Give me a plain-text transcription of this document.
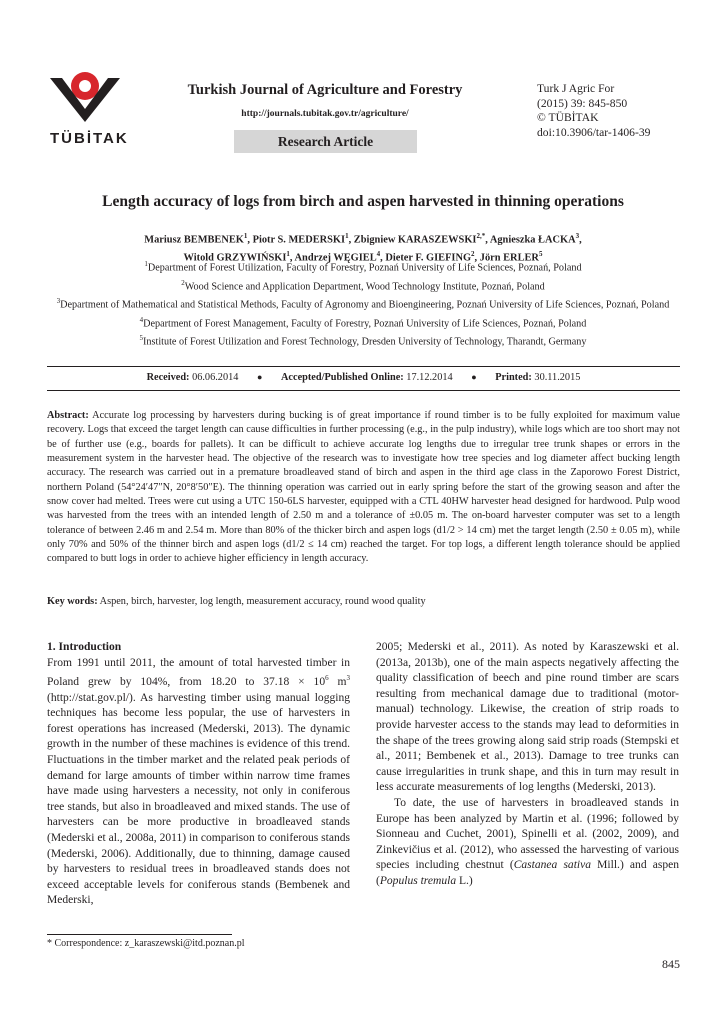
TÜBİTAK
Turkish Journal of Agriculture and Forestry
http://journals.tubitak.gov.tr/agriculture/
Research Article
Turk J Agric For
(2015) 39: 845-850
© TÜBİTAK
doi:10.3906/tar-1406-39
Length accuracy of logs from birch and aspen harvested in thinning operations
Mariusz BEMBENEK$^1$, Piotr S. MEDERSKI$^1$, Zbigniew $KARASZEWSKI^{2,*}$, Agnieszka ŁACKA$^3$,
Witold GRZYWIŃSKI$^1$, Andrzej WĘGIEL$^4$, Dieter F. GIEFING$^2$, Jörn ERLER$^5$
$^1$Department of Forest Utilization, Faculty of Forestry, Poznań University of Life Sciences, Poznań, Poland
$^2$Wood Science and Application Department, Wood Technology Institute, Poznań, Poland
$^3$Department of Mathematical and Statistical Methods, Faculty of Agronomy and Bioengineering, Poznań University of Life Sciences, Poznań, Poland
$^4$Department of Forest Management, Faculty of Forestry, Poznań University of Life Sciences, Poznań, Poland
$^5$Institute of Forest Utilization and Forest Technology, Dresden University of Technology, Tharandt, Germany
Received: 06.06.2014 ● Accepted/Published Online: 17.12.2014 ● Printed: 30.11.2015
Abstract: Accurate log processing by harvesters during bucking is of great importance if round timber is to be fully exploited for maximum value recovery. Logs that exceed the target length can cause difficulties in further processing (e.g., in the pulp industry), while logs which are too short may not be of further use (e.g., boards for pallets). It can be difficult to achieve accurate log lengths due to irregular tree trunk shapes or errors in the measurement system in the harvester head. The objective of the research was to investigate how tree species and log diameter affect bucking length accuracy. The research was carried out in a premature broadleaved stand of birch and aspen in the third age class in the Zaporowo Forest District, northern Poland (54°24′47″N, 20°8′50″E). The thinning operation was carried out in early spring before the start of the growing season and after the snow cover had melted. Trees were cut using a UTC 150-6LS harvester, equipped with a CTL 40HW harvester head designed for hardwood. Pulp wood was harvested from the trees with an intended length of 2.50 m and a tolerance of ±0.05 m. The on-board harvester computer was set to a length tolerance of between 2.46 m and 2.54 m. More than 80% of the thicker birch and aspen logs (d1/2 > 14 cm) met the target length (2.50 ± 0.05 m), while only 70% and 50% of the thinner birch and aspen logs (d1/2 ≤ 14 cm) reached the target. For top logs, a different length tolerance should be applied compared to butt logs in order to achieve higher efficiency in length accuracy.
Key words: Aspen, birch, harvester, log length, measurement accuracy, round wood quality

1. Introduction

From 1991 until 2011, the amount of total harvested timber in Poland grew by 104%, from 18.20 to $37.18 \times 10^6$ $m^3$ (http://stat.gov.pl/). As harvesting timber using manual logging techniques has become less popular, the use of harvesters in forest operations has increased (Mederski, 2013). The dynamic growth in the number of these machines is evidence of this trend. Fluctuations in the timber market and the related peak periods of demand for large amounts of timber within narrow time frames have made using harvesters a necessity, not only in coniferous tree stands, but also in broadleaved and mixed stands. The use of harvesters can be more productive in broadleaved stands (Mederski et al., 2008a, 2011) in comparison to coniferous stands (Mederski, 2006). Additionally, due to thinning, damage caused by harvesters to residual trees in broadleaved stands does not exceed acceptable levels for coniferous stands (Bembenek and Mederski,

2005; Mederski et al., 2011). As noted by Karaszewski et al. (2013a, 2013b), one of the main aspects negatively affecting the quality classification of beech and pine round timber are scars resulting from mechanical damage due to traditional (motor-manual) technology. Likewise, the creation of strip roads to provide harvester access to the stands may lead to deformities in the shape of the trees growing along said strip roads (Stempski et al., 2011; Bembenek et al., 2013). Damage to tree trunks can cause irregularities in trunk shape, and this in turn may result in less accurate measurements of log lengths (Mederski, 2013).

To date, the use of harvesters in broadleaved stands in Europe has been analyzed by Martin et al. (1996; followed by Sionneau and Cuchet, 2001), Spinelli et al. (2002, 2009), and Zinkevičius et al. (2012), who assessed the harvesting of various species including chestnut (Castanea sativa Mill.) and aspen (Populus tremula L.)

* Correspondence: z_karaszewski@itd.poznan.pl
845
